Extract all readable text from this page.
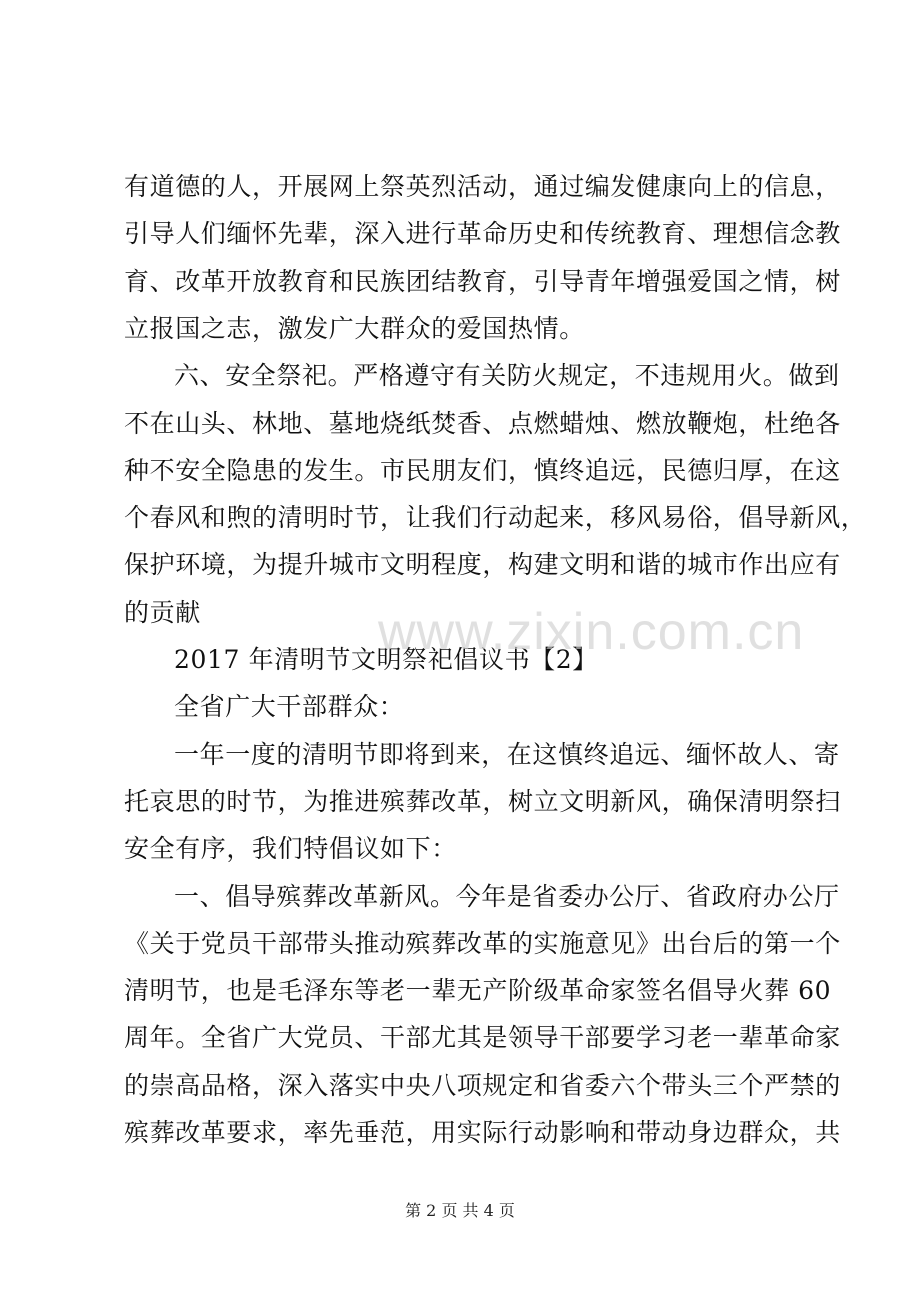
有道德的人，开展网上祭英烈活动，通过编发健康向上的信息，
引导人们缅怀先辈，深入进行革命历史和传统教育、理想信念教
育、改革开放教育和民族团结教育，引导青年增强爱国之情，树
立报国之志，激发广大群众的爱国热情。
六、安全祭祀。严格遵守有关防火规定，不违规用火。做到
不在山头、林地、墓地烧纸焚香、点燃蜡烛、燃放鞭炮，杜绝各
种不安全隐患的发生。市民朋友们，慎终追远，民德归厚，在这
个春风和煦的清明时节，让我们行动起来，移风易俗，倡导新风，
保护环境，为提升城市文明程度，构建文明和谐的城市作出应有
的贡献
2017 年清明节文明祭祀倡议书【2】
全省广大干部群众：
一年一度的清明节即将到来，在这慎终追远、缅怀故人、寄
托哀思的时节，为推进殡葬改革，树立文明新风，确保清明祭扫
安全有序，我们特倡议如下：
一、倡导殡葬改革新风。今年是省委办公厅、省政府办公厅
《关于党员干部带头推动殡葬改革的实施意见》出台后的第一个
清明节，也是毛泽东等老一辈无产阶级革命家签名倡导火葬 60
周年。全省广大党员、干部尤其是领导干部要学习老一辈革命家
www.zixin.com.cn
第 2 页 共 4 页
的崇高品格，深入落实中央八项规定和省委六个带头三个严禁的
殡葬改革要求，率先垂范，用实际行动影响和带动身边群众，共
